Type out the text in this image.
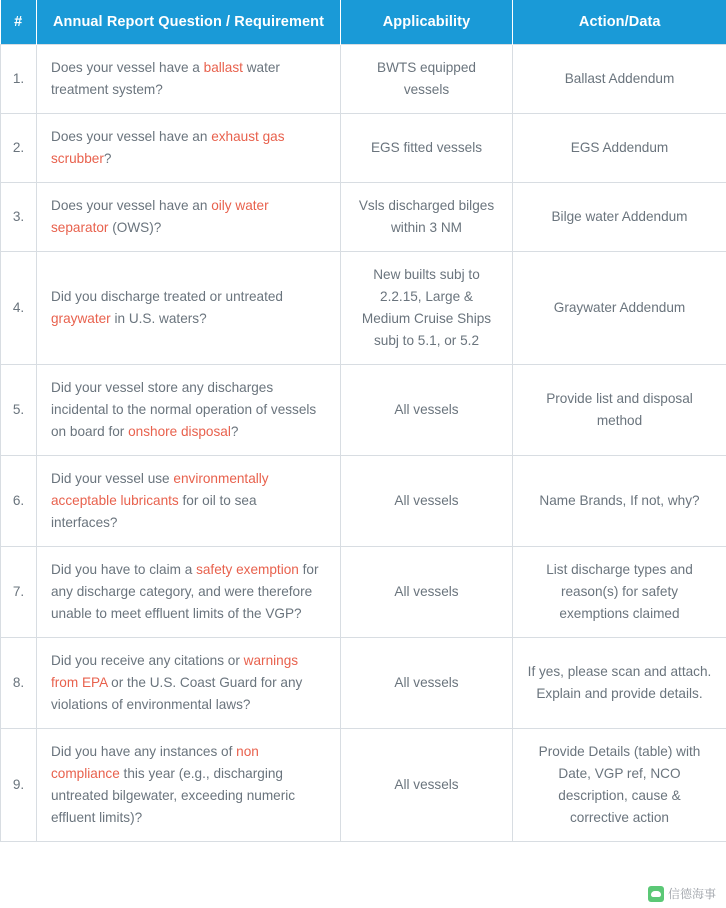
#	Annual Report Question / Requirement	Applicability	Action/Data
1.	Does your vessel have a ballast water treatment system?	BWTS equipped vessels	Ballast Addendum
2.	Does your vessel have an exhaust gas scrubber?	EGS fitted vessels	EGS Addendum
3.	Does your vessel have an oily water separator (OWS)?	Vsls discharged bilges within 3 NM	Bilge water Addendum
4.	Did you discharge treated or untreated graywater in U.S. waters?	New builts subj to 2.2.15, Large & Medium Cruise Ships subj to 5.1, or 5.2	Graywater Addendum
5.	Did your vessel store any discharges incidental to the normal operation of vessels on board for onshore disposal?	All vessels	Provide list and disposal method
6.	Did your vessel use environmentally acceptable lubricants for oil to sea interfaces?	All vessels	Name Brands, If not, why?
7.	Did you have to claim a safety exemption for any discharge category, and were therefore unable to meet effluent limits of the VGP?	All vessels	List discharge types and reason(s) for safety exemptions claimed
8.	Did you receive any citations or warnings from EPA or the U.S. Coast Guard for any violations of environmental laws?	All vessels	If yes, please scan and attach. Explain and provide details.
9.	Did you have any instances of non compliance this year (e.g., discharging untreated bilgewater, exceeding numeric effluent limits)?	All vessels	Provide Details (table) with Date, VGP ref, NCO description, cause & corrective action
信德海事
